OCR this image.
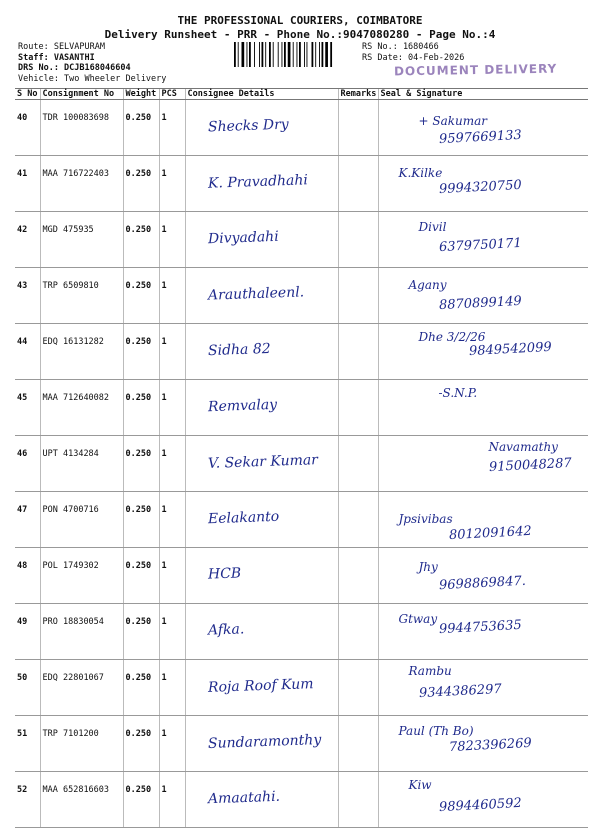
THE PROFESSIONAL COURIERS, COIMBATORE
Delivery Runsheet - PRR - Phone No.:9047080280 - Page No.:4
Route: SELVAPURAM
Staff: VASANTHI
DRS No.: DCJB168046604
Vehicle: Two Wheeler Delivery
RS No.: 1680466
RS Date: 04-Feb-2026
DOCUMENT DELIVERY
S No	Consignment No	Weight	PCS	Consignee Details	Remarks	Seal & Signature
40	TDR 100083698	0.250	1	Shecks Dry		+ Sakumar
9597669133

41	MAA 716722403	0.250	1	K. Pravadhahi		K.Kilke
9994320750

42	MGD 475935	0.250	1	Divyadahi		Divil
6379750171

43	TRP 6509810	0.250	1	Arauthaleenl.		Agany
8870899149

44	EDQ 16131282	0.250	1	Sidha 82		Dhe 3/2/26
9849542099

45	MAA 712640082	0.250	1	Remvalay		-S.N.P.

46	UPT 4134284	0.250	1	V. Sekar Kumar		Navamathy
9150048287

47	PON 4700716	0.250	1	Eelakanto		Jpsivibas
8012091642

48	POL 1749302	0.250	1	HCB		Jhy
9698869847.

49	PRO 18830054	0.250	1	Afka.		Gtway 9944753635

50	EDQ 22801067	0.250	1	Roja Roof Kum		Rambu
9344386297

51	TRP 7101200	0.250	1	Sundaramonthy		Paul (Th Bo)
7823396269

52	MAA 652816603	0.250	1	Amaatahi.		Kiw
9894460592
